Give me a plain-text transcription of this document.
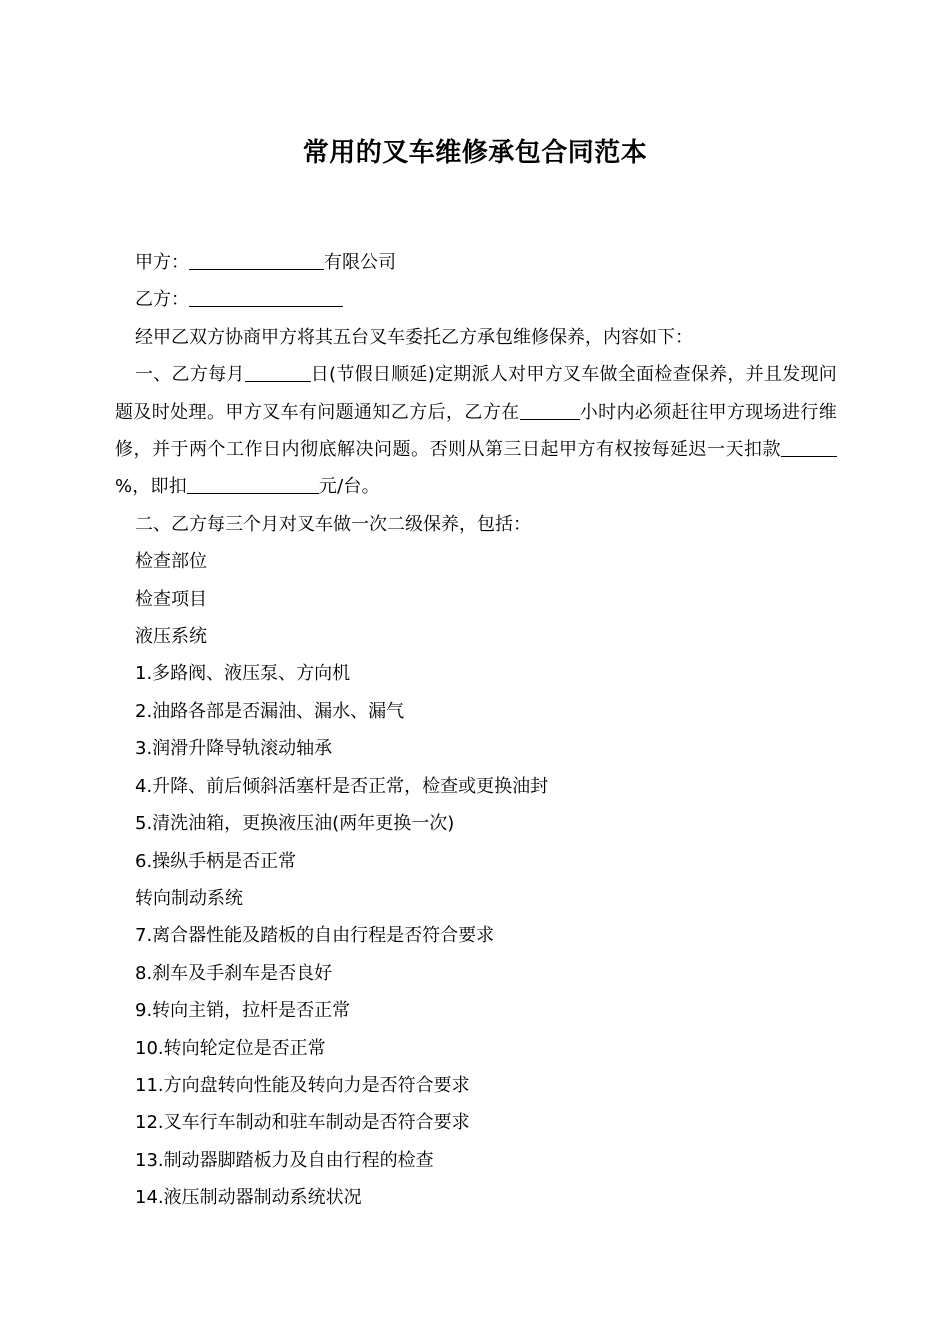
常用的叉车维修承包合同范本

甲方：	有限公司

乙方：

经甲乙双方协商甲方将其五台叉车委托乙方承包维修保养，内容如下：

一、乙方每月	日(节假日顺延)定期派人对甲方叉车做全面检查保养，并且发现问题及时处理。甲方叉车有问题通知乙方后，乙方在	小时内必须赶往甲方现场进行维修，并于两个工作日内彻底解决问题。否则从第三日起甲方有权按每延迟一天扣款%，即扣	元/台。

二、乙方每三个月对叉车做一次二级保养，包括：

检查部位

检查项目

液压系统

1.多路阀、液压泵、方向机

2.油路各部是否漏油、漏水、漏气

3.润滑升降导轨滚动轴承

4.升降、前后倾斜活塞杆是否正常，检查或更换油封

5.清洗油箱，更换液压油(两年更换一次)

6.操纵手柄是否正常

转向制动系统

7.离合器性能及踏板的自由行程是否符合要求

8.刹车及手刹车是否良好

9.转向主销，拉杆是否正常

10.转向轮定位是否正常

11.方向盘转向性能及转向力是否符合要求

12.叉车行车制动和驻车制动是否符合要求

13.制动器脚踏板力及自由行程的检查

14.液压制动器制动系统状况
